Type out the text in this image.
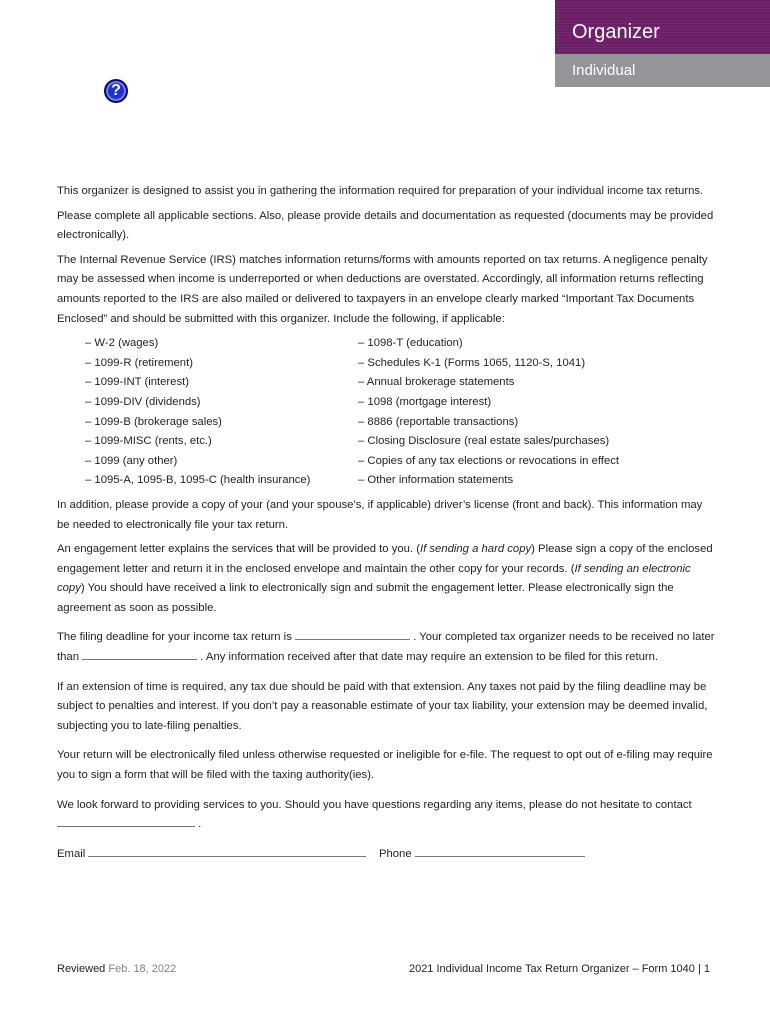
Organizer
Individual
?

This organizer is designed to assist you in gathering the information required for preparation of your individual income tax returns.

Please complete all applicable sections. Also, please provide details and documentation as requested (documents may be provided electronically).

The Internal Revenue Service (IRS) matches information returns/forms with amounts reported on tax returns. A negligence penalty may be assessed when income is underreported or when deductions are overstated. Accordingly, all information returns reflecting amounts reported to the IRS are also mailed or delivered to taxpayers in an envelope clearly marked “Important Tax Documents Enclosed” and should be submitted with this organizer. Include the following, if applicable:

– W-2 (wages)
– 1099-R (retirement)
– 1099-INT (interest)
– 1099-DIV (dividends)
– 1099-B (brokerage sales)
– 1099-MISC (rents, etc.)
– 1099 (any other)
– 1095-A, 1095-B, 1095-C (health insurance)
– 1098-T (education)
– Schedules K-1 (Forms 1065, 1120-S, 1041)
– Annual brokerage statements
– 1098 (mortgage interest)
– 8886 (reportable transactions)
– Closing Disclosure (real estate sales/purchases)
– Copies of any tax elections or revocations in effect
– Other information statements

In addition, please provide a copy of your (and your spouse’s, if applicable) driver’s license (front and back). This information may be needed to electronically file your tax return.

An engagement letter explains the services that will be provided to you. (If sending a hard copy) Please sign a copy of the enclosed engagement letter and return it in the enclosed envelope and maintain the other copy for your records. (If sending an electronic copy) You should have received a link to electronically sign and submit the engagement letter. Please electronically sign the agreement as soon as possible.

The filing deadline for your income tax return is	. Your completed tax organizer needs to be received no later than	. Any information received after that date may require an extension to be filed for this return.

If an extension of time is required, any tax due should be paid with that extension. Any taxes not paid by the filing deadline may be subject to penalties and interest. If you don’t pay a reasonable estimate of your tax liability, your extension may be deemed invalid, subjecting you to late-filing penalties.

Your return will be electronically filed unless otherwise requested or ineligible for e-file. The request to opt out of e-filing may require you to sign a form that will be filed with the taxing authority(ies).

We look forward to providing services to you. Should you have questions regarding any items, please do not hesitate to contact  .

Email	Phone

Reviewed Feb. 18, 2022	2021 Individual Income Tax Return Organizer – Form 1040 | 1
